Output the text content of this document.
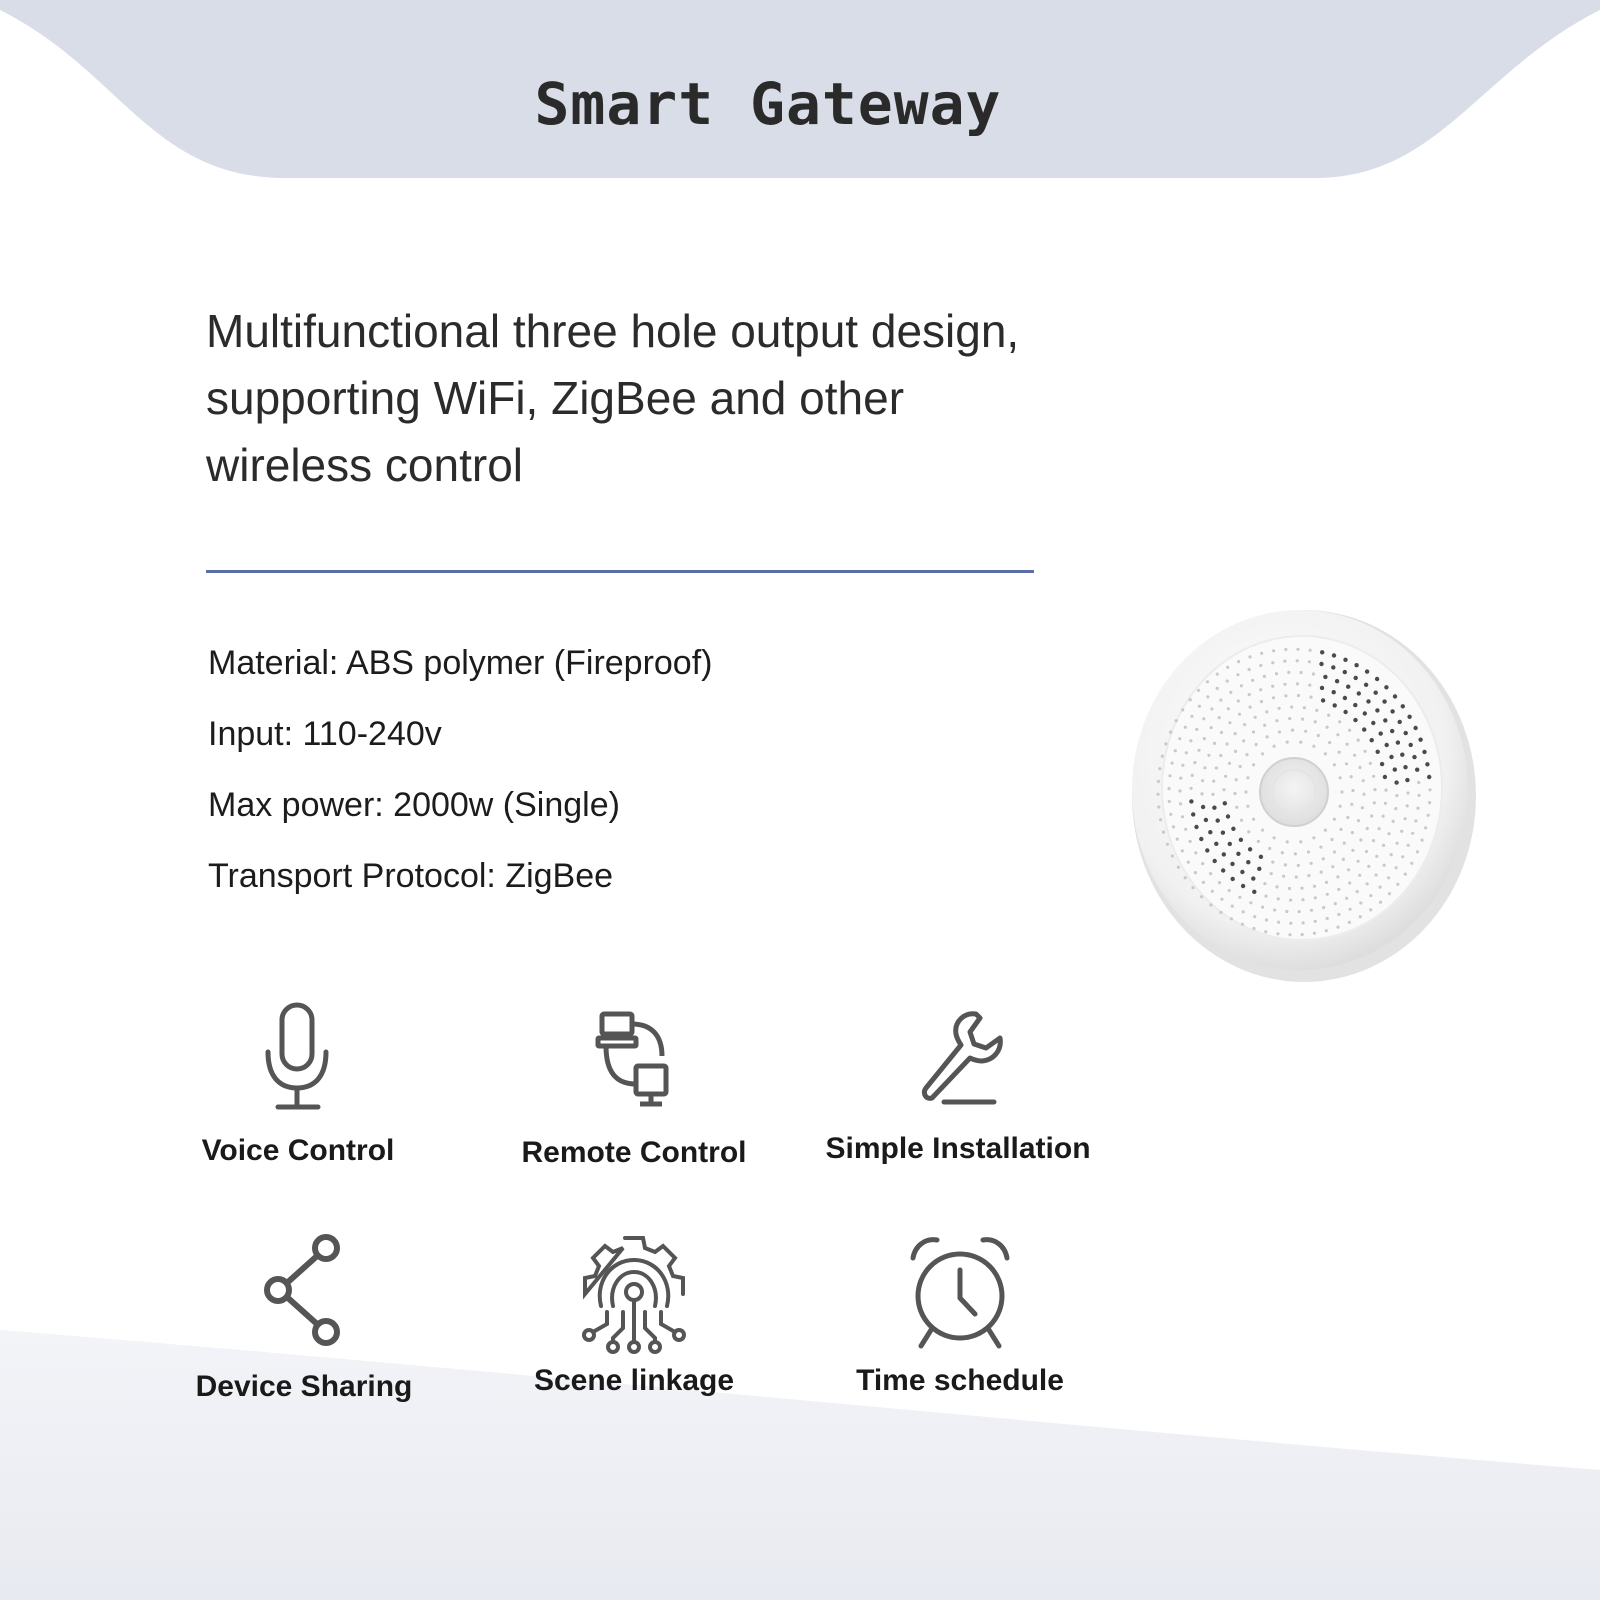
Smart Gateway

Multifunctional three hole output design, supporting WiFi, ZigBee and other wireless control

Material: ABS polymer (Fireproof)
Input: 110-240v
Max power: 2000w (Single)
Transport Protocol: ZigBee
Voice Control	Remote Control	Simple Installation
Device Sharing	Scene linkage	Time schedule
